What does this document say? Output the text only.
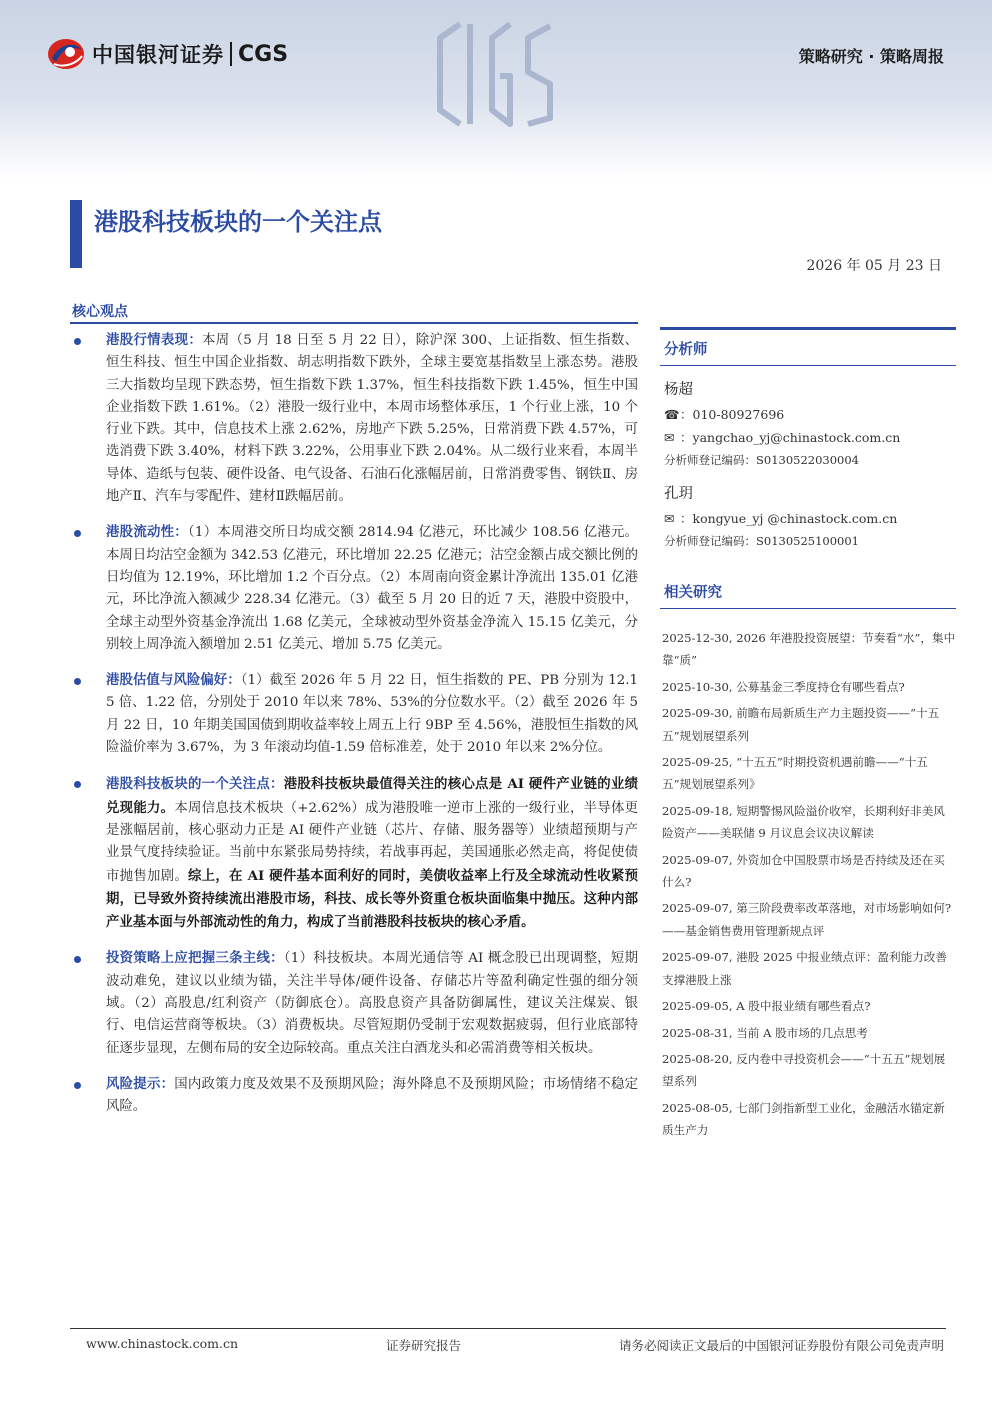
中国银河证券 CGS	策略研究 · 策略周报
港股科技板块的一个关注点
2026 年 05 月 23 日
核心观点
港股行情表现：本周（5 月 18 日至 5 月 22 日），除沪深 300、上证指数、恒生指数、恒生科技、恒生中国企业指数、胡志明指数下跌外，全球主要宽基指数呈上涨态势。港股三大指数均呈现下跌态势，恒生指数下跌 1.37%，恒生科技指数下跌 1.45%，恒生中国企业指数下跌 1.61%。（2）港股一级行业中，本周市场整体承压，1 个行业上涨，10 个行业下跌。其中，信息技术上涨 2.62%，房地产下跌 5.25%，日常消费下跌 4.57%，可选消费下跌 3.40%，材料下跌 3.22%，公用事业下跌 2.04%。从二级行业来看，本周半导体、造纸与包装、硬件设备、电气设备、石油石化涨幅居前，日常消费零售、钢铁Ⅱ、房地产Ⅱ、汽车与零配件、建材Ⅱ跌幅居前。
港股流动性：（1）本周港交所日均成交额 2814.94 亿港元，环比减少 108.56 亿港元。本周日均沽空金额为 342.53 亿港元，环比增加 22.25 亿港元；沽空金额占成交额比例的日均值为 12.19%，环比增加 1.2 个百分点。（2）本周南向资金累计净流出 135.01 亿港元，环比净流入额减少 228.34 亿港元。（3）截至 5 月 20 日的近 7 天，港股中资股中，全球主动型外资基金净流出 1.68 亿美元，全球被动型外资基金净流入 15.15 亿美元，分别较上周净流入额增加 2.51 亿美元、增加 5.75 亿美元。
港股估值与风险偏好：（1）截至 2026 年 5 月 22 日，恒生指数的 PE、PB 分别为 12.15 倍、1.22 倍，分别处于 2010 年以来 78%、53%的分位数水平。（2）截至 2026 年 5 月 22 日，10 年期美国国债到期收益率较上周五上行 9BP 至 4.56%，港股恒生指数的风险溢价率为 3.67%，为 3 年滚动均值-1.59 倍标准差，处于 2010 年以来 2%分位。
港股科技板块的一个关注点：港股科技板块最值得关注的核心点是 AI 硬件产业链的业绩兑现能力。本周信息技术板块（+2.62%）成为港股唯一逆市上涨的一级行业，半导体更是涨幅居前，核心驱动力正是 AI 硬件产业链（芯片、存储、服务器等）业绩超预期与产业景气度持续验证。当前中东紧张局势持续，若战事再起，美国通胀必然走高，将促使债市抛售加剧。综上，在 AI 硬件基本面利好的同时，美债收益率上行及全球流动性收紧预期，已导致外资持续流出港股市场，科技、成长等外资重仓板块面临集中抛压。这种内部产业基本面与外部流动性的角力，构成了当前港股科技板块的核心矛盾。
投资策略上应把握三条主线：（1）科技板块。本周光通信等 AI 概念股已出现调整，短期波动难免，建议以业绩为锚，关注半导体/硬件设备、存储芯片等盈利确定性强的细分领域。（2）高股息/红利资产（防御底仓）。高股息资产具备防御属性，建议关注煤炭、银行、电信运营商等板块。（3）消费板块。尽管短期仍受制于宏观数据疲弱，但行业底部特征逐步显现，左侧布局的安全边际较高。重点关注白酒龙头和必需消费等相关板块。
风险提示：国内政策力度及效果不及预期风险；海外降息不及预期风险；市场情绪不稳定风险。
分析师
杨超
☎：010-80927696
✉ ：yangchao_yj@chinastock.com.cn
分析师登记编码：S0130522030004
孔玥
✉ ：kongyue_yj @chinastock.com.cn
分析师登记编码：S0130525100001
相关研究
2025-12-30, 2026 年港股投资展望：节奏看“水”，集中靠“质”
2025-10-30, 公募基金三季度持仓有哪些看点?
2025-09-30, 前瞻布局新质生产力主题投资——“十五五”规划展望系列
2025-09-25, “十五五”时期投资机遇前瞻——“十五五”规划展望系列》
2025-09-18, 短期警惕风险溢价收窄，长期利好非美风险资产——美联储 9 月议息会议决议解读
2025-09-07, 外资加仓中国股票市场是否持续及还在买什么?
2025-09-07, 第三阶段费率改革落地，对市场影响如何? ——基金销售费用管理新规点评
2025-09-07, 港股 2025 中报业绩点评：盈利能力改善支撑港股上涨
2025-09-05, A 股中报业绩有哪些看点?
2025-08-31, 当前 A 股市场的几点思考
2025-08-20, 反内卷中寻投资机会——“十五五”规划展望系列
2025-08-05, 七部门剑指新型工业化，金融活水锚定新质生产力
www.chinastock.com.cn	证券研究报告	请务必阅读正文最后的中国银河证券股份有限公司免责声明
